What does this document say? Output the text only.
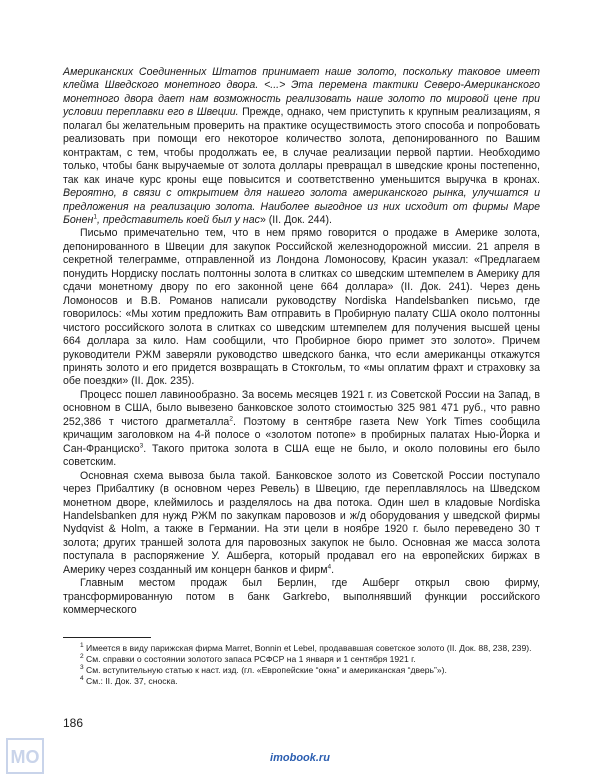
Американских Соединенных Штатов принимает наше золото, поскольку таковое имеет клейма Шведского монетного двора. <...> Эта перемена тактики Северо-Американского монетного двора дает нам возможность реализовать наше золото по мировой цене при условии переплавки его в Швеции. Прежде, однако, чем приступить к крупным реализациям, я полагал бы желательным проверить на практике осуществимость этого способа и попробовать реализовать при помощи его некоторое количество золота, депонированного по Вашим контрактам, с тем, чтобы продолжать ее, в случае реализации первой партии. Необходимо только, чтобы банк выручаемые от золота доллары превращал в шведские кроны постепенно, так как иначе курс кроны еще повысится и соответственно уменьшится выручка в кронах. Вероятно, в связи с открытием для нашего золота американского рынка, улучшатся и предложения на реализацию золота. Наиболее выгодное из них исходит от фирмы Маре Бонен$^1$, представитель коей был у нас» (II. Док. 244).

Письмо примечательно тем, что в нем прямо говорится о продаже в Америке золота, депонированного в Швеции для закупок Российской железнодорожной миссии. 21 апреля в секретной телеграмме, отправленной из Лондона Ломоносову, Красин указал: «Предлагаем понудить Нордиску послать полтонны золота в слитках со шведским штемпелем в Америку для сдачи монетному двору по его законной цене 664 доллара» (II. Док. 241). Через день Ломоносов и В.В. Романов написали руководству Nordiska Handelsbanken письмо, где говорилось: «Мы хотим предложить Вам отправить в Пробирную палату США около полтонны чистого российского золота в слитках со шведским штемпелем для получения высшей цены 664 доллара за кило. Нам сообщили, что Пробирное бюро примет это золото». Причем руководители РЖМ заверяли руководство шведского банка, что если американцы откажутся принять золото и его придется возвращать в Стокгольм, то «мы оплатим фрахт и страховку за обе поездки» (II. Док. 235).

Процесс пошел лавинообразно. За восемь месяцев 1921 г. из Советской России на Запад, в основном в США, было вывезено банковское золото стоимостью 325 981 471 руб., что равно 252,386 т чистого драгметалла$^2$. Поэтому в сентябре газета New York Times сообщила кричащим заголовком на 4-й полосе о «золотом потопе» в пробирных палатах Нью-Йорка и Сан-Франциско$^3$. Такого притока золота в США еще не было, и около половины его было советским.

Основная схема вывоза была такой. Банковское золото из Советской России поступало через Прибалтику (в основном через Ревель) в Швецию, где переплавлялось на Шведском монетном дворе, клеймилось и разделялось на два потока. Один шел в кладовые Nordiska Handelsbanken для нужд РЖМ по закупкам паровозов и ж/д оборудования у шведской фирмы Nydqvist & Holm, а также в Германии. На эти цели в ноябре 1920 г. было переведено 30 т золота; других траншей золота для паровозных закупок не было. Основная же масса золота поступала в распоряжение У. Ашберга, который продавал его на европейских биржах в Америку через созданный им концерн банков и фирм$^4$.

Главным местом продаж был Берлин, где Ашберг открыл свою фирму, трансформированную потом в банк Garkrebo, выполнявший функции российского коммерческого

$^1$ Имеется в виду парижская фирма Marret, Bonnin et Lebel, продававшая советское золото (II. Док. 88, 238, 239).

$^2$ См. справки о состоянии золотого запаса РСФСР на 1 января и 1 сентября 1921 г.

$^3$ См. вступительную статью к наст. изд. (гл. «Европейские “окна” и американская “дверь”»).

$^4$ См.: II. Док. 37, сноска.

186
imobook.ru
MO
